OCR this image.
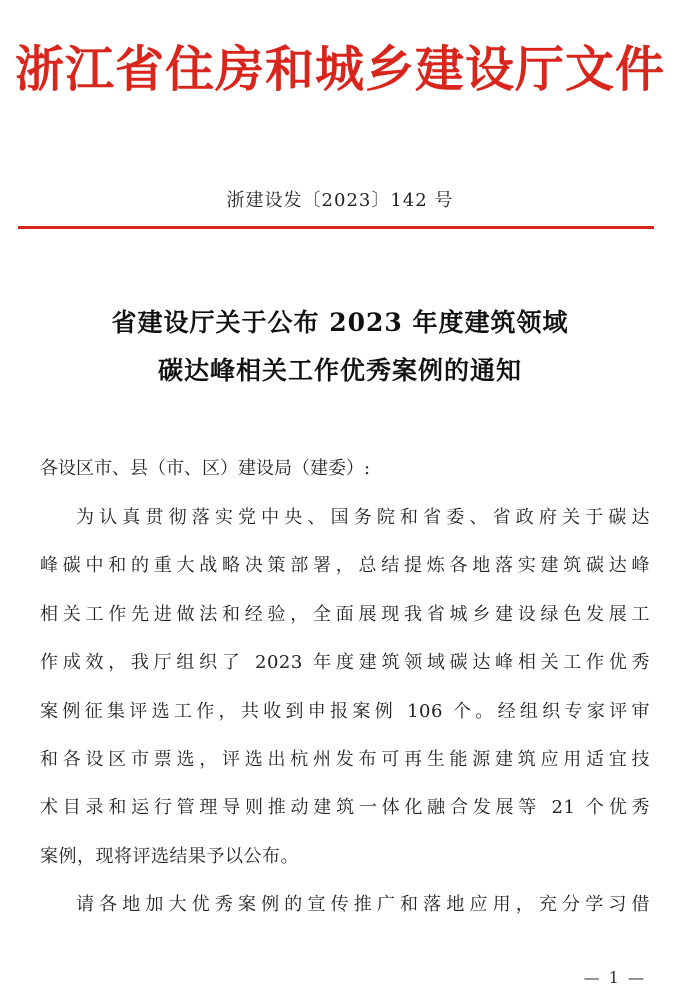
浙江省住房和城乡建设厅文件
浙建设发〔2023〕142 号
省建设厅关于公布 2023 年度建筑领域
碳达峰相关工作优秀案例的通知
各设区市、县（市、区）建设局（建委）:
为认真贯彻落实党中央、国务院和省委、省政府关于碳达
峰碳中和的重大战略决策部署，总结提炼各地落实建筑碳达峰
相关工作先进做法和经验，全面展现我省城乡建设绿色发展工
作成效，我厅组织了 2023 年度建筑领域碳达峰相关工作优秀
案例征集评选工作，共收到申报案例 106 个。经组织专家评审
和各设区市票选，评选出杭州发布可再生能源建筑应用适宜技
术目录和运行管理导则推动建筑一体化融合发展等 21 个优秀
案例，现将评选结果予以公布。
请各地加大优秀案例的宣传推广和落地应用，充分学习借
— 1 —
